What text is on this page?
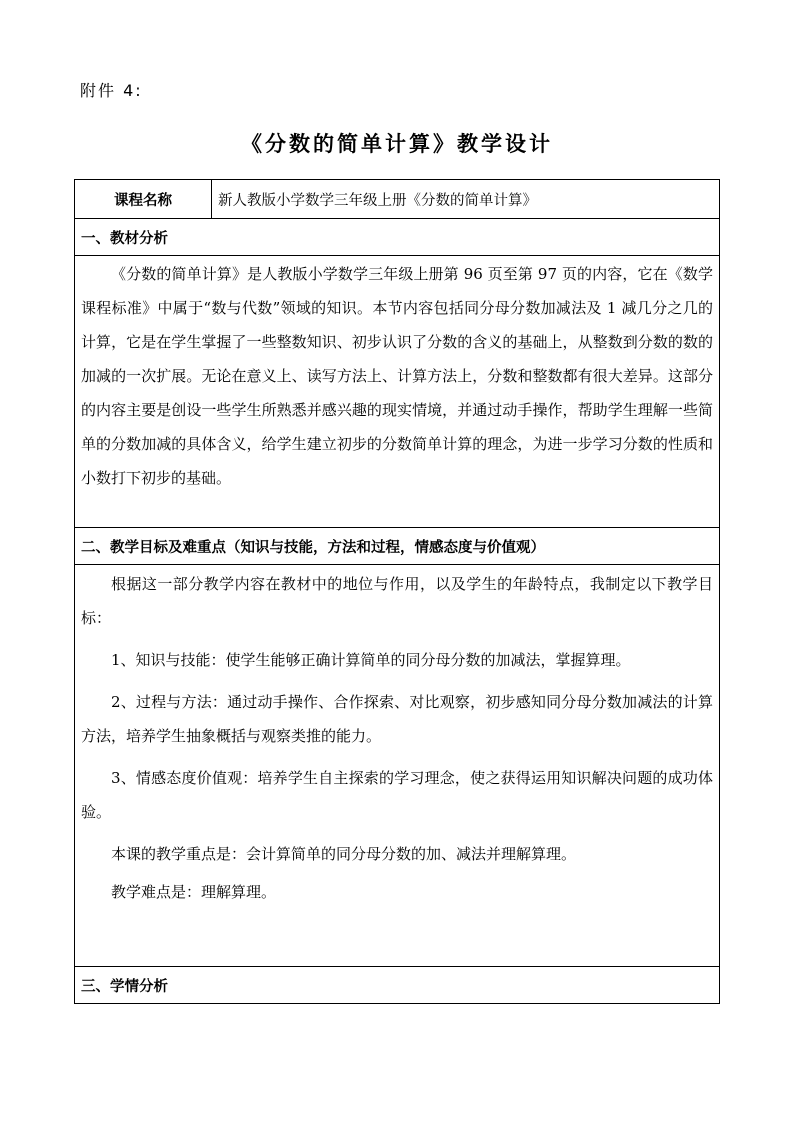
附件 4:
《分数的简单计算》教学设计
课程名称	新人教版小学数学三年级上册《分数的简单计算》
一、教材分析

《分数的简单计算》是人教版小学数学三年级上册第 96 页至第 97 页的内容，它在《数学课程标准》中属于“数与代数”领域的知识。本节内容包括同分母分数加减法及 1 减几分之几的计算，它是在学生掌握了一些整数知识、初步认识了分数的含义的基础上，从整数到分数的数的加减的一次扩展。无论在意义上、读写方法上、计算方法上，分数和整数都有很大差异。这部分的内容主要是创设一些学生所熟悉并感兴趣的现实情境，并通过动手操作，帮助学生理解一些简单的分数加减的具体含义，给学生建立初步的分数简单计算的理念，为进一步学习分数的性质和小数打下初步的基础。

二、教学目标及难重点（知识与技能，方法和过程，情感态度与价值观）

根据这一部分教学内容在教材中的地位与作用，以及学生的年龄特点，我制定以下教学目标：

1、知识与技能：使学生能够正确计算简单的同分母分数的加减法，掌握算理。

2、过程与方法：通过动手操作、合作探索、对比观察，初步感知同分母分数加减法的计算方法，培养学生抽象概括与观察类推的能力。

3、情感态度价值观：培养学生自主探索的学习理念，使之获得运用知识解决问题的成功体验。

本课的教学重点是：会计算简单的同分母分数的加、减法并理解算理。

教学难点是：理解算理。

三、学情分析
